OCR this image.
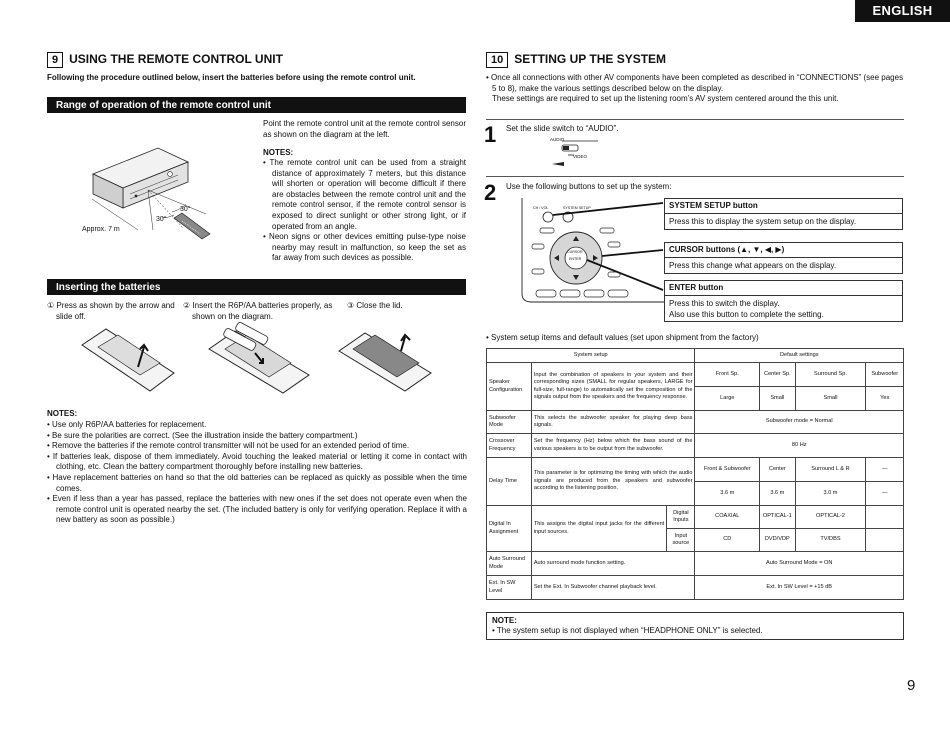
ENGLISH
9 USING THE REMOTE CONTROL UNIT
Following the procedure outlined below, insert the batteries before using the remote control unit.
Range of operation of the remote control unit
30°
30°
Approx. 7 m
Point the remote control unit at the remote control sensor as shown on the diagram at the left.
NOTES:
• The remote control unit can be used from a straight distance of approximately 7 meters, but this distance will shorten or operation will become difficult if there are obstacles between the remote control unit and the remote control sensor, if the remote control sensor is exposed to direct sunlight or other strong light, or if operated from an angle.
• Neon signs or other devices emitting pulse-type noise nearby may result in malfunction, so keep the set as far away from such devices as possible.
Inserting the batteries
① Press as shown by the arrow and slide off.
② Insert the R6P/AA batteries properly, as shown on the diagram.
③ Close the lid.
NOTES:
• Use only R6P/AA batteries for replacement.
• Be sure the polarities are correct. (See the illustration inside the battery compartment.)
• Remove the batteries if the remote control transmitter will not be used for an extended period of time.
• If batteries leak, dispose of them immediately. Avoid touching the leaked material or letting it come in contact with clothing, etc. Clean the battery compartment thoroughly before installing new batteries.
• Have replacement batteries on hand so that the old batteries can be replaced as quickly as possible when the time comes.
• Even if less than a year has passed, replace the batteries with new ones if the set does not operate even when the remote control unit is operated nearby the set. (The included battery is only for verifying operation. Replace it with a new battery as soon as possible.)
10 SETTING UP THE SYSTEM
• Once all connections with other AV components have been completed as described in “CONNECTIONS” (see pages 5 to 8), make the various settings described below on the display.
These settings are required to set up the listening room’s AV system centered around the this unit.
1 Set the slide switch to “AUDIO”.
AUDIO
VIDEO
2 Use the following buttons to set up the system:
CH / VOL	SYSTEM SETUP
ENTER
CURSOR
SYSTEM SETUP button
Press this to display the system setup on the display.
CURSOR buttons (▲, ▼, ◀, ▶)
Press this change what appears on the display.
ENTER button
Press this to switch the display.
Also use this button to complete the setting.
• System setup items and default values (set upon shipment from the factory)
System setup			Default settings			
Speaker Configuration	Input the combination of speakers in your system and their corresponding sizes (SMALL for regular speakers, LARGE for full-size, full-range) to automatically set the composition of the signals output from the speakers and the frequency response.		Front Sp.	Center Sp.	Surround Sp.	Subwoofer
			Large	Small	Small	Yes
Subwoofer Mode	This selects the subwoofer speaker for playing deep bass signals.		Subwoofer mode = Normal			
Crossover Frequency	Set the frequency (Hz) below which the bass sound of the various speakers is to be output from the subwoofer.		80 Hz			
Delay Time	This parameter is for optimizing the timing with which the audio signals are produced from the speakers and subwoofer according to the listening position.		Front & Subwoofer	Center	Surround L & R	—
			3.6 m	3.6 m	3.0 m	—
Digital In Assignment	This assigns the digital input jacks for the different input sources.	Digital Inputs	COAXIAL	OPTICAL-1	OPTICAL-2	
		Input source	CD	DVD/VDP	TV/DBS	
Auto Surround Mode	Auto surround mode function setting.		Auto Surround Mode = ON			
Ext. In SW Level	Set the Ext. In Subwoofer channel playback level.		Ext. In SW Level = +15 dB			
NOTE:
• The system setup is not displayed when “HEADPHONE ONLY” is selected.
9
